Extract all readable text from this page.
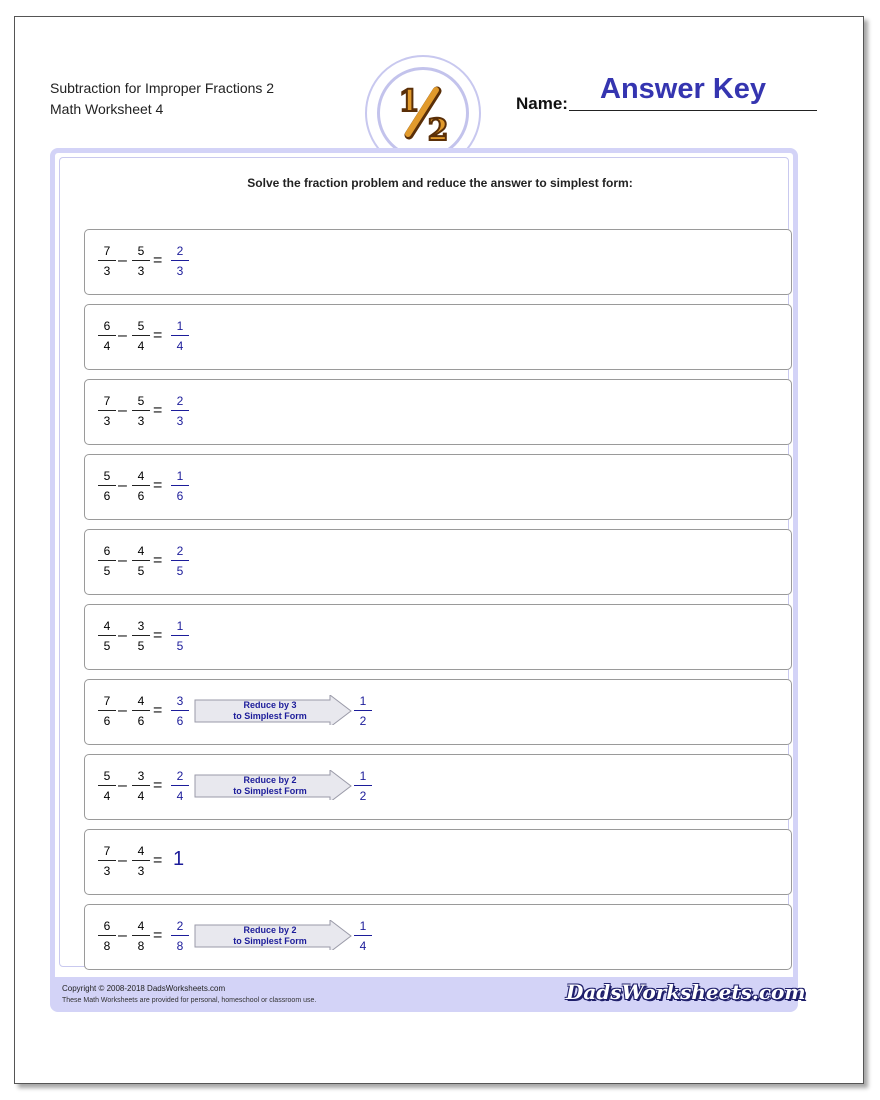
Subtraction for Improper Fractions 2
Math Worksheet 4	1
2
Name: Answer Key
Solve the fraction problem and reduce the answer to simplest form:
7
3
–
5
3
=
2
3
6
4
–
5
4
=
1
4
7
3
–
5
3
=
2
3
5
6
–
4
6
=
1
6
6
5
–
4
5
=
2
5
4
5
–
3
5
=
1
5
7
6
–
4
6
=
3
6
Reduce by 3
to Simplest Form
1
2
5
4
–
3
4
=
2
4
Reduce by 2
to Simplest Form
1
2
7
3
–
4
3
= 1
6
8
–
4
8
=
2
8
Reduce by 2
to Simplest Form
1
4
Copyright © 2008-2018 DadsWorksheets.com
These Math Worksheets are provided for personal, homeschool or classroom use.	DadsWorksheets.com
